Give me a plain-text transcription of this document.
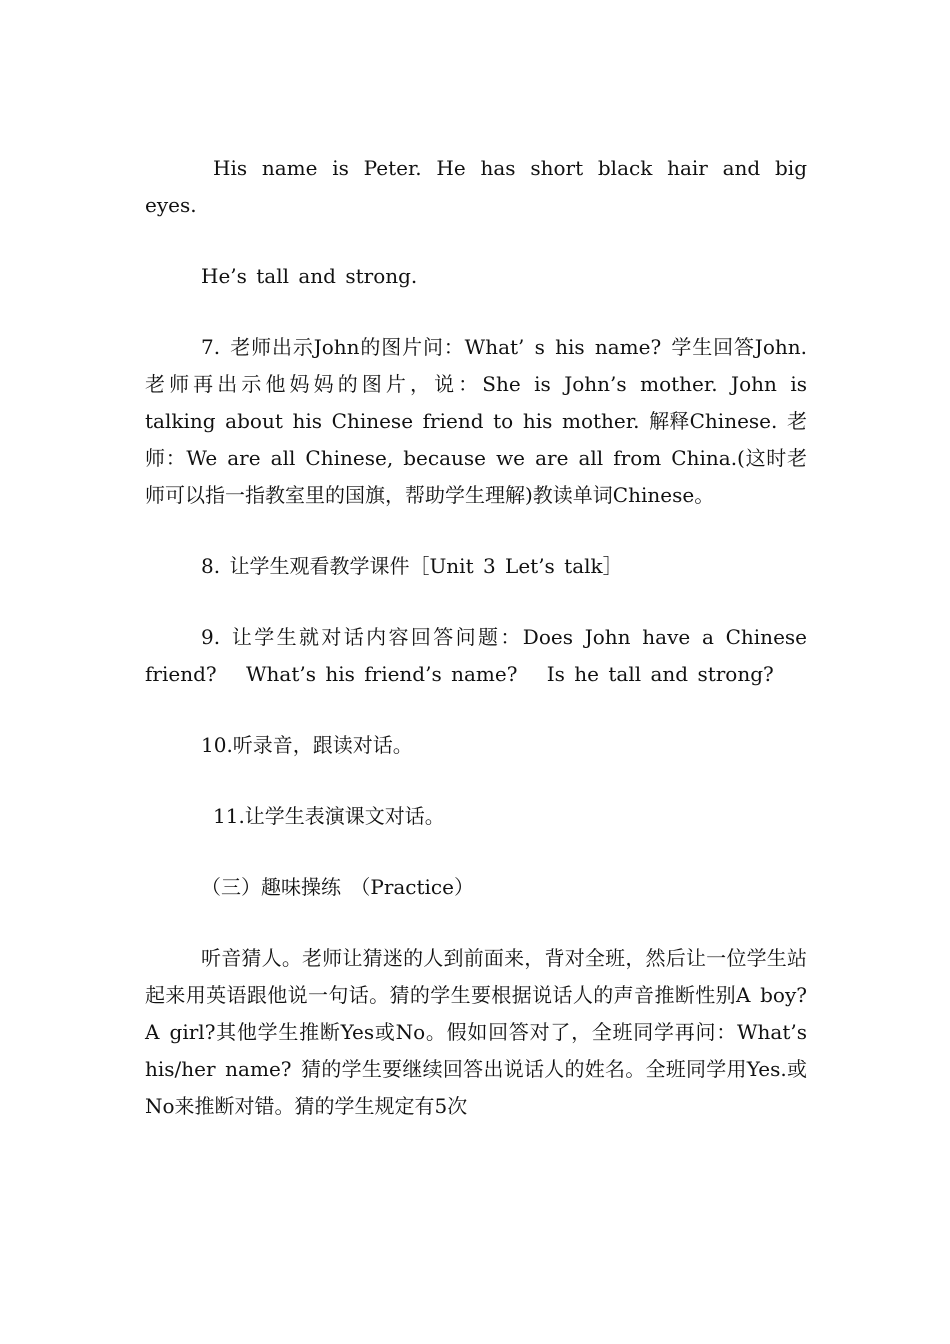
His name is Peter. He has short black hair and big eyes.

He’s tall and strong.

7. 老师出示John的图片问：What’ s his name? 学生回答John.老师再出示他妈妈的图片，说：She is John’s mother. John is talking about his Chinese friend to his mother. 解释Chinese. 老师：We are all Chinese, because we are all from China.(这时老师可以指一指教室里的国旗，帮助学生理解)教读单词Chinese。

8. 让学生观看教学课件［Unit 3 Let’s talk］

9. 让学生就对话内容回答问题：Does John have a Chinese friend?　 What’s his friend’s name?　 Is he tall and strong?

10.听录音，跟读对话。

11.让学生表演课文对话。

（三）趣味操练 （Practice）

听音猜人。老师让猜迷的人到前面来，背对全班，然后让一位学生站起来用英语跟他说一句话。猜的学生要根据说话人的声音推断性别A boy? A girl?其他学生推断Yes或No。假如回答对了，全班同学再问：What’s his/her name? 猜的学生要继续回答出说话人的姓名。全班同学用Yes.或No来推断对错。猜的学生规定有5次
